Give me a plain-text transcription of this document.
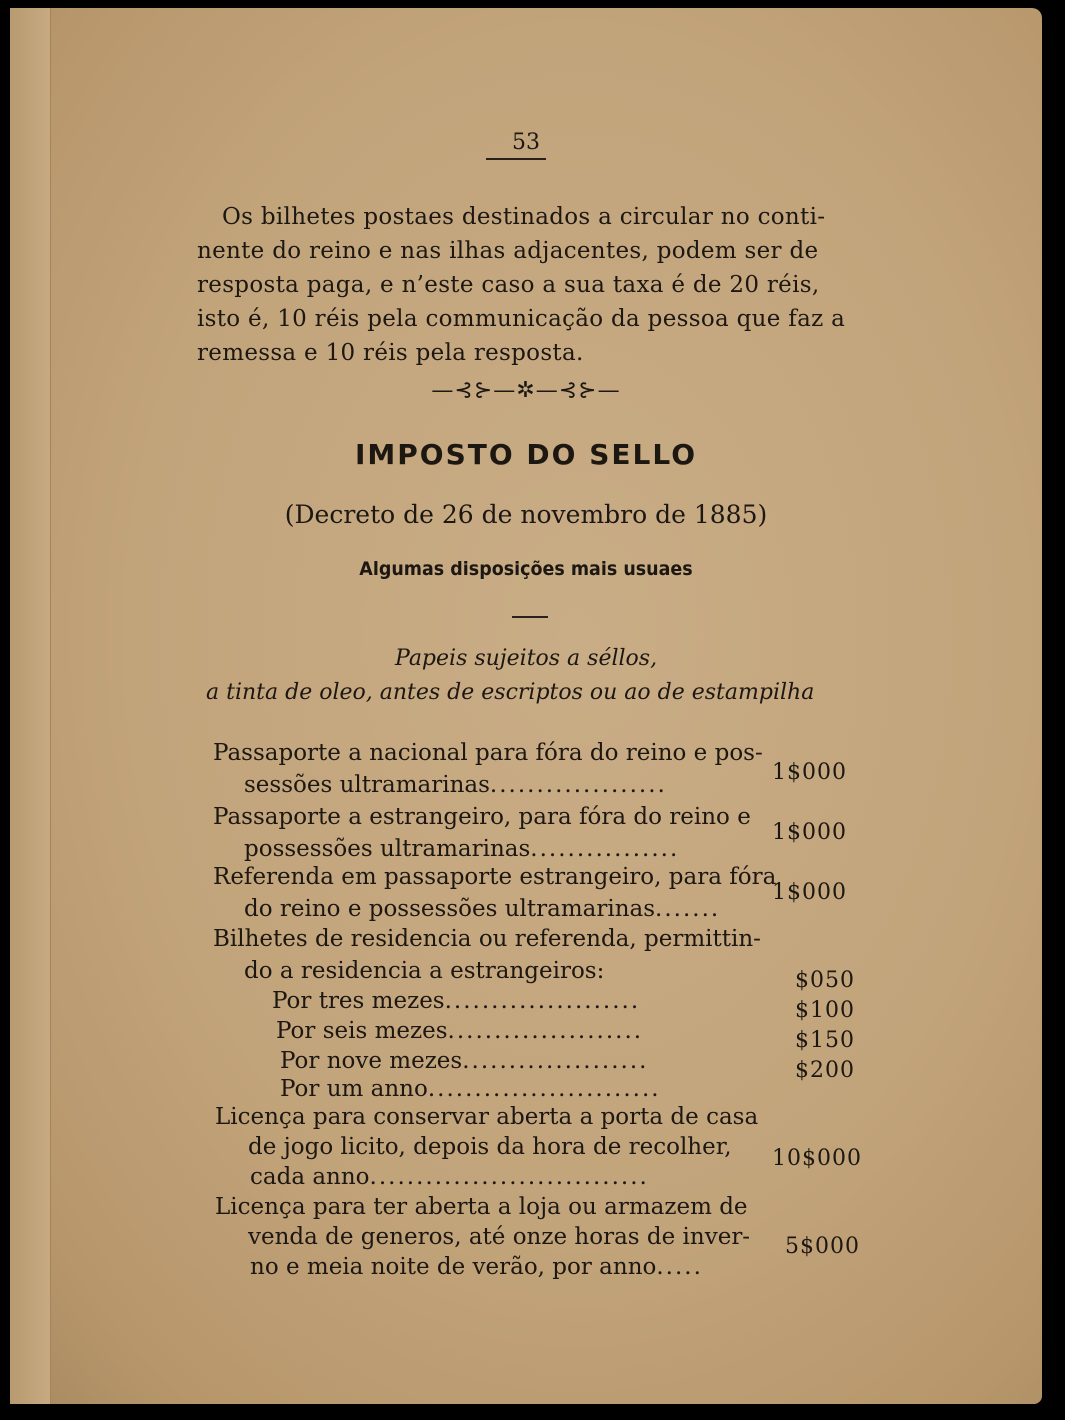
53
Os bilhetes postaes destinados a circular no conti-
nente do reino e nas ilhas adjacentes, podem ser de
resposta paga, e n’este caso a sua taxa é de 20 réis,
isto é, 10 réis pela communicação da pessoa que faz a
remessa e 10 réis pela resposta.
—⊰⊱—✲—⊰⊱—
IMPOSTO DO SELLO
(Decreto de 26 de novembro de 1885)
Algumas disposições mais usuaes
Papeis sujeitos a séllos,
a tinta de oleo, antes de escriptos ou ao de estampilha
Passaporte a nacional para fóra do reino e pos-
sessões ultramarinas...................	1$000
Passaporte a estrangeiro, para fóra do reino e
possessões ultramarinas................
1$000
Referenda em passaporte estrangeiro, para fóra
do reino e possessões ultramarinas.......
1$000
Bilhetes de residencia ou referenda, permittin-
do a residencia a estrangeiros:
Por tres mezes.....................
$050
Por seis mezes.....................
$100
Por nove mezes....................
$150
Por um anno.........................
$200
Licença para conservar aberta a porta de casa
de jogo licito, depois da hora de recolher,
cada anno..............................
10$000
Licença para ter aberta a loja ou armazem de
venda de generos, até onze horas de inver-
no e meia noite de verão, por anno.....
5$000
